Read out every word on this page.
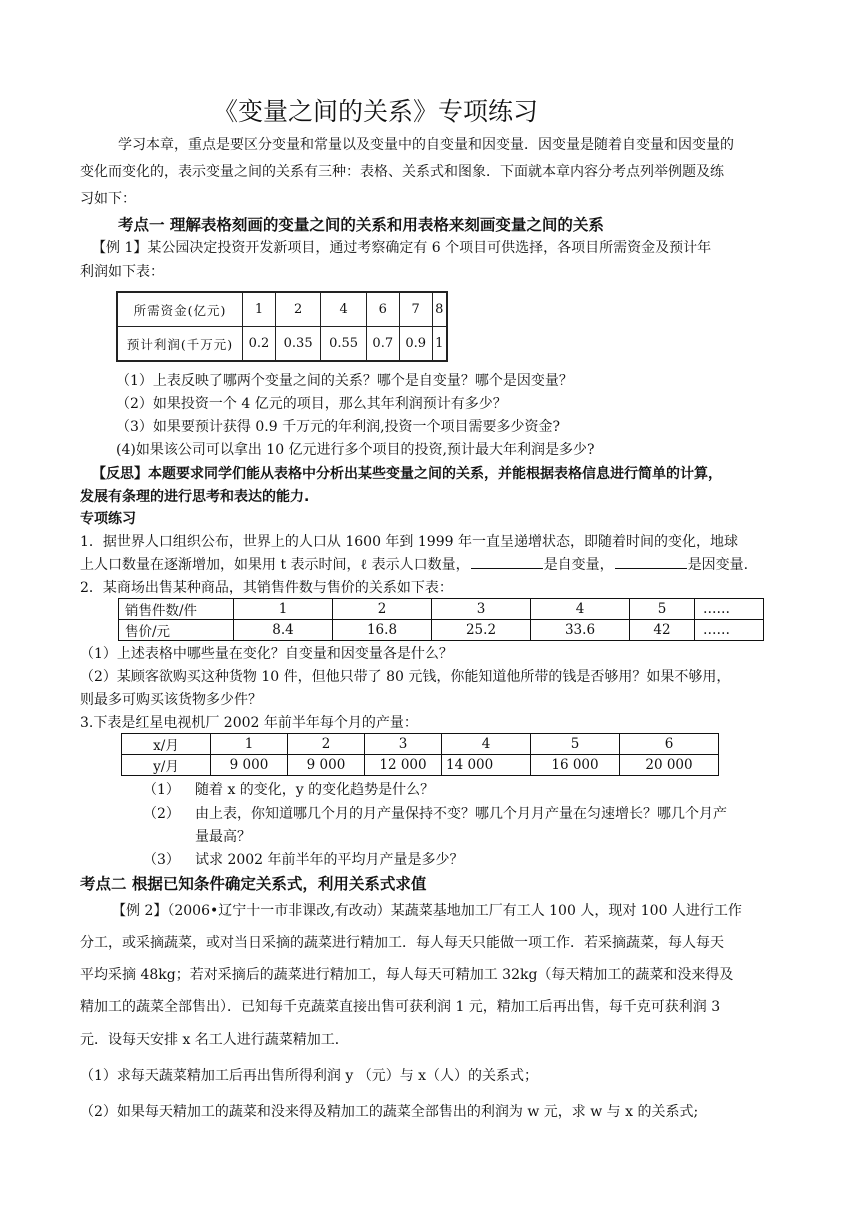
《变量之间的关系》专项练习
学习本章，重点是要区分变量和常量以及变量中的自变量和因变量．因变量是随着自变量和因变量的
变化而变化的，表示变量之间的关系有三种：表格、关系式和图象．下面就本章内容分考点列举例题及练
习如下：
考点一 理解表格刻画的变量之间的关系和用表格来刻画变量之间的关系
【例 1】某公园决定投资开发新项目，通过考察确定有 6 个项目可供选择，各项目所需资金及预计年
利润如下表：
所需资金(亿元)	1	2	4	6	7	8
预计利润(千万元)	0.2	0.35	0.55	0.7	0.9	1
（1）上表反映了哪两个变量之间的关系？哪个是自变量？哪个是因变量？
（2）如果投资一个 4 亿元的项目，那么其年利润预计有多少？
（3）如果要预计获得 0.9 千万元的年利润,投资一个项目需要多少资金?
(4)如果该公司可以拿出 10 亿元进行多个项目的投资,预计最大年利润是多少?
【反思】本题要求同学们能从表格中分析出某些变量之间的关系，并能根据表格信息进行简单的计算，
发展有条理的进行思考和表达的能力.
专项练习
1．据世界人口组织公布，世界上的人口从 1600 年到 1999 年一直呈递增状态，即随着时间的变化，地球
上人口数量在逐渐增加，如果用 t 表示时间，ℓ 表示人口数量，	是自变量，	是因变量.
2．某商场出售某种商品，其销售件数与售价的关系如下表：
销售件数/件	1	2	3	4	5	……
售价/元	8.4	16.8	25.2	33.6	42	……
（1）上述表格中哪些量在变化？自变量和因变量各是什么？
（2）某顾客欲购买这种货物 10 件，但他只带了 80 元钱，你能知道他所带的钱是否够用？如果不够用，
则最多可购买该货物多少件？
3.下表是红星电视机厂 2002 年前半年每个月的产量：
x/月	1	2	3	4	5	6
y/月	9 000	9 000	12 000	14 000	16 000	20 000
（1） 随着 x 的变化，y 的变化趋势是什么？
（2） 由上表，你知道哪几个月的月产量保持不变？哪几个月月产量在匀速增长？哪几个月产
量最高？
（3） 试求 2002 年前半年的平均月产量是多少？
考点二 根据已知条件确定关系式，利用关系式求值
【例 2】（2006•辽宁十一市非课改,有改动）某蔬菜基地加工厂有工人 100 人，现对 100 人进行工作
分工，或采摘蔬菜，或对当日采摘的蔬菜进行精加工．每人每天只能做一项工作．若采摘蔬菜，每人每天
平均采摘 48kg；若对采摘后的蔬菜进行精加工，每人每天可精加工 32kg（每天精加工的蔬菜和没来得及
精加工的蔬菜全部售出）．已知每千克蔬菜直接出售可获利润 1 元，精加工后再出售，每千克可获利润 3
元．设每天安排 x 名工人进行蔬菜精加工．
（1）求每天蔬菜精加工后再出售所得利润 y （元）与 x（人）的关系式；
（2）如果每天精加工的蔬菜和没来得及精加工的蔬菜全部售出的利润为 w 元，求 w 与 x 的关系式;
